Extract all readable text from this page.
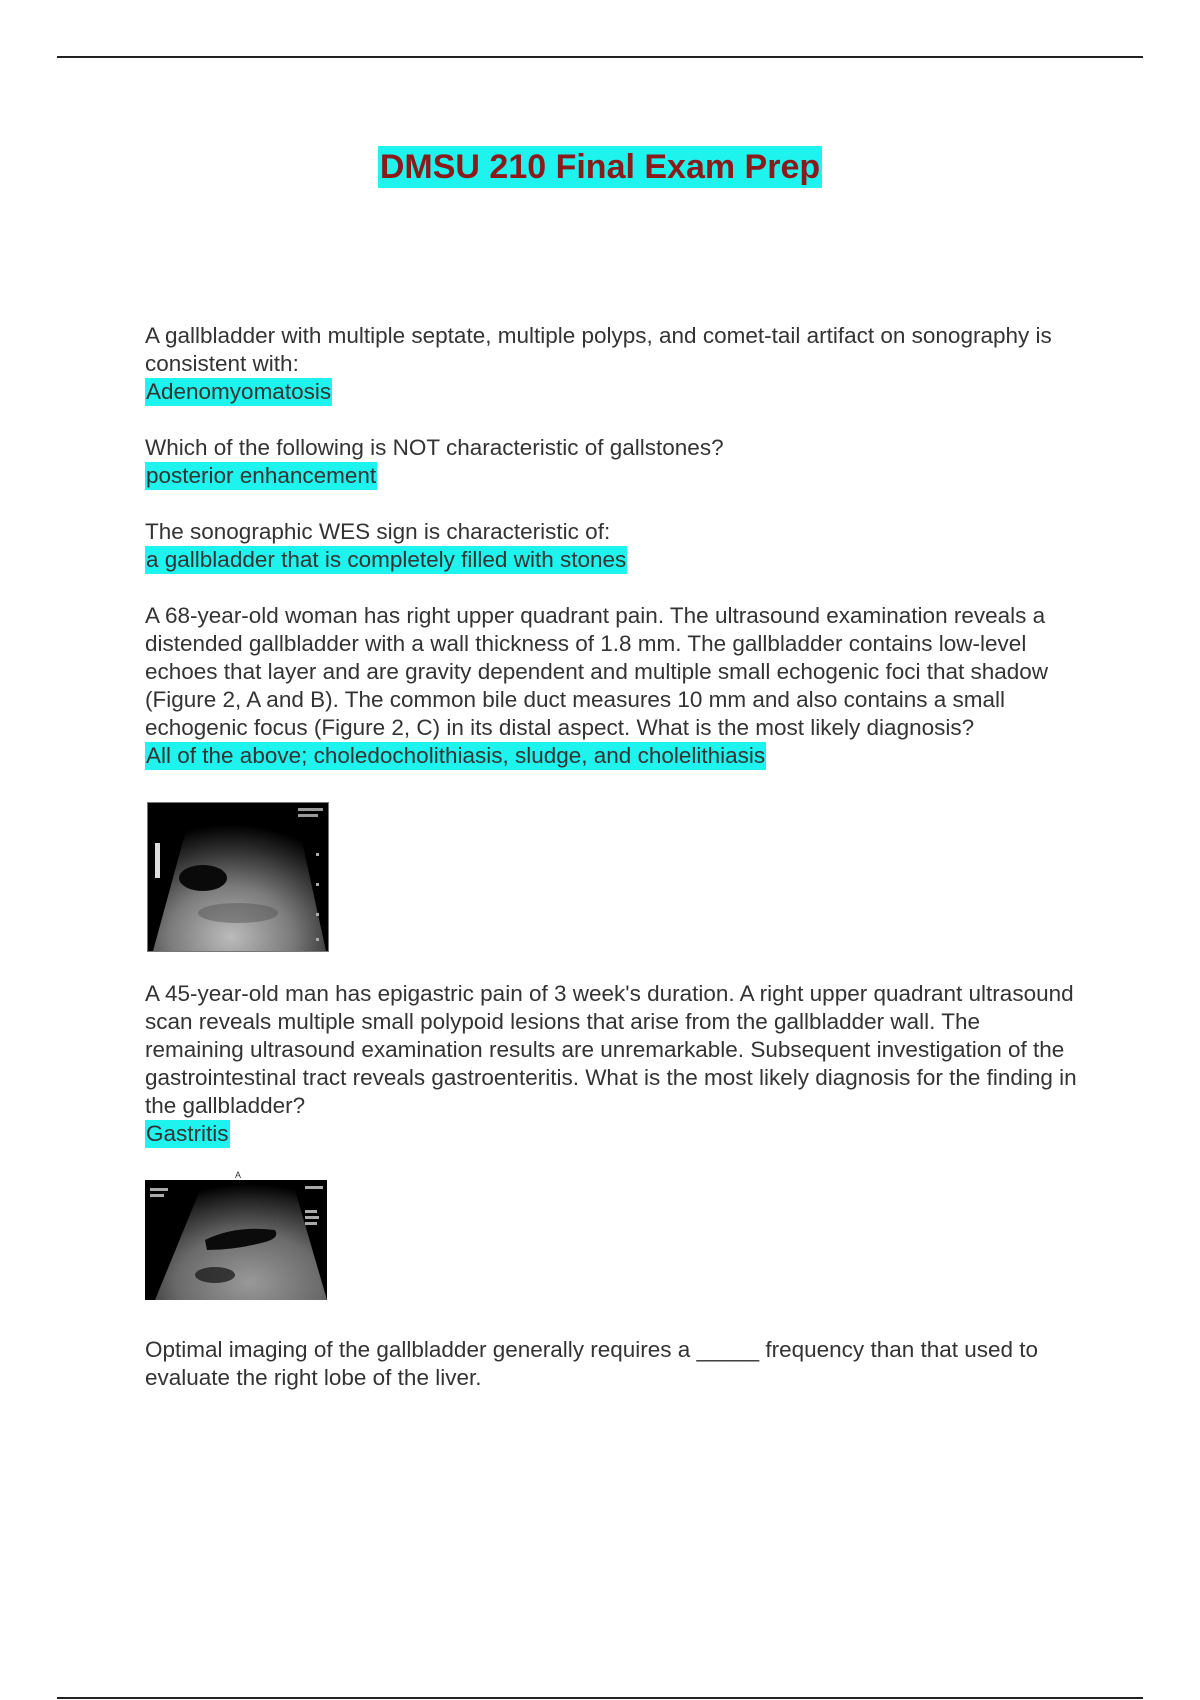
DMSU 210 Final Exam Prep

A gallbladder with multiple septate, multiple polyps, and comet-tail artifact on sonography is consistent with:

Adenomyomatosis

Which of the following is NOT characteristic of gallstones?

posterior enhancement

The sonographic WES sign is characteristic of:

a gallbladder that is completely filled with stones

A 68-year-old woman has right upper quadrant pain. The ultrasound examination reveals a distended gallbladder with a wall thickness of 1.8 mm. The gallbladder contains low-level echoes that layer and are gravity dependent and multiple small echogenic foci that shadow (Figure 2, A and B). The common bile duct measures 10 mm and also contains a small echogenic focus (Figure 2, C) in its distal aspect. What is the most likely diagnosis?

All of the above; choledocholithiasis, sludge, and cholelithiasis

A 45-year-old man has epigastric pain of 3 week's duration. A right upper quadrant ultrasound scan reveals multiple small polypoid lesions that arise from the gallbladder wall. The remaining ultrasound examination results are unremarkable. Subsequent investigation of the gastrointestinal tract reveals gastroenteritis. What is the most likely diagnosis for the finding in the gallbladder?

Gastritis
A

Optimal imaging of the gallbladder generally requires a _____ frequency than that used to evaluate the right lobe of the liver.
